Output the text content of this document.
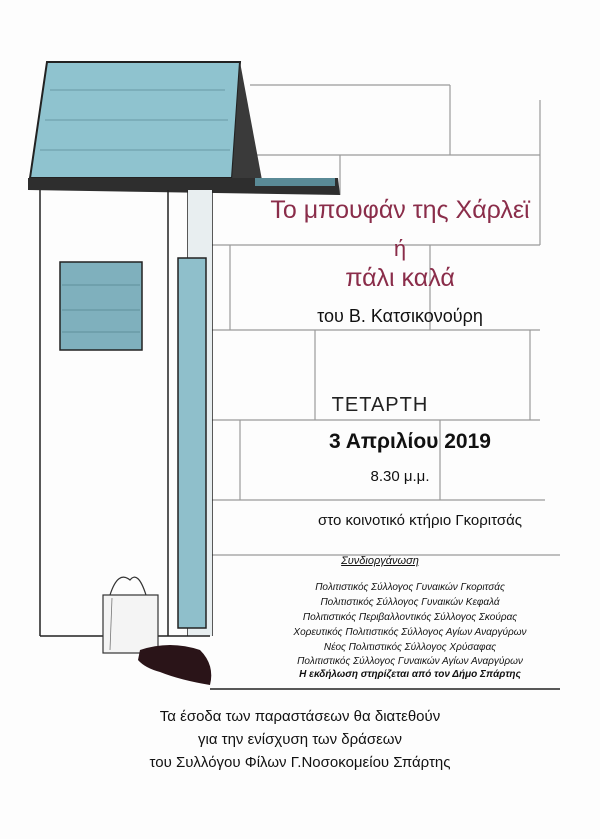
Το μπουφάν της Χάρλεϊ
ή
πάλι καλά
του Β. Κατσικονούρη
ΤΕΤΑΡΤΗ
3 Απριλίου 2019
8.30 μ.μ.
στο κοινοτικό κτήριο Γκοριτσάς
Συνδιοργάνωση
Πολιτιστικός Σύλλογος Γυναικών Γκοριτσάς
Πολιτιστικός Σύλλογος Γυναικών Κεφαλά
Πολιτιστικός Περιβαλλοντικός Σύλλογος Σκούρας
Χορευτικός Πολιτιστικός Σύλλογος Αγίων Αναργύρων
Νέος Πολιτιστικός Σύλλογος Χρύσαφας
Πολιτιστικός Σύλλογος Γυναικών Αγίων Αναργύρων
Η εκδήλωση στηρίζεται από τον Δήμο Σπάρτης
Τα έσοδα των παραστάσεων θα διατεθούν
για την ενίσχυση των δράσεων
του Συλλόγου Φίλων Γ.Νοσοκομείου Σπάρτης
